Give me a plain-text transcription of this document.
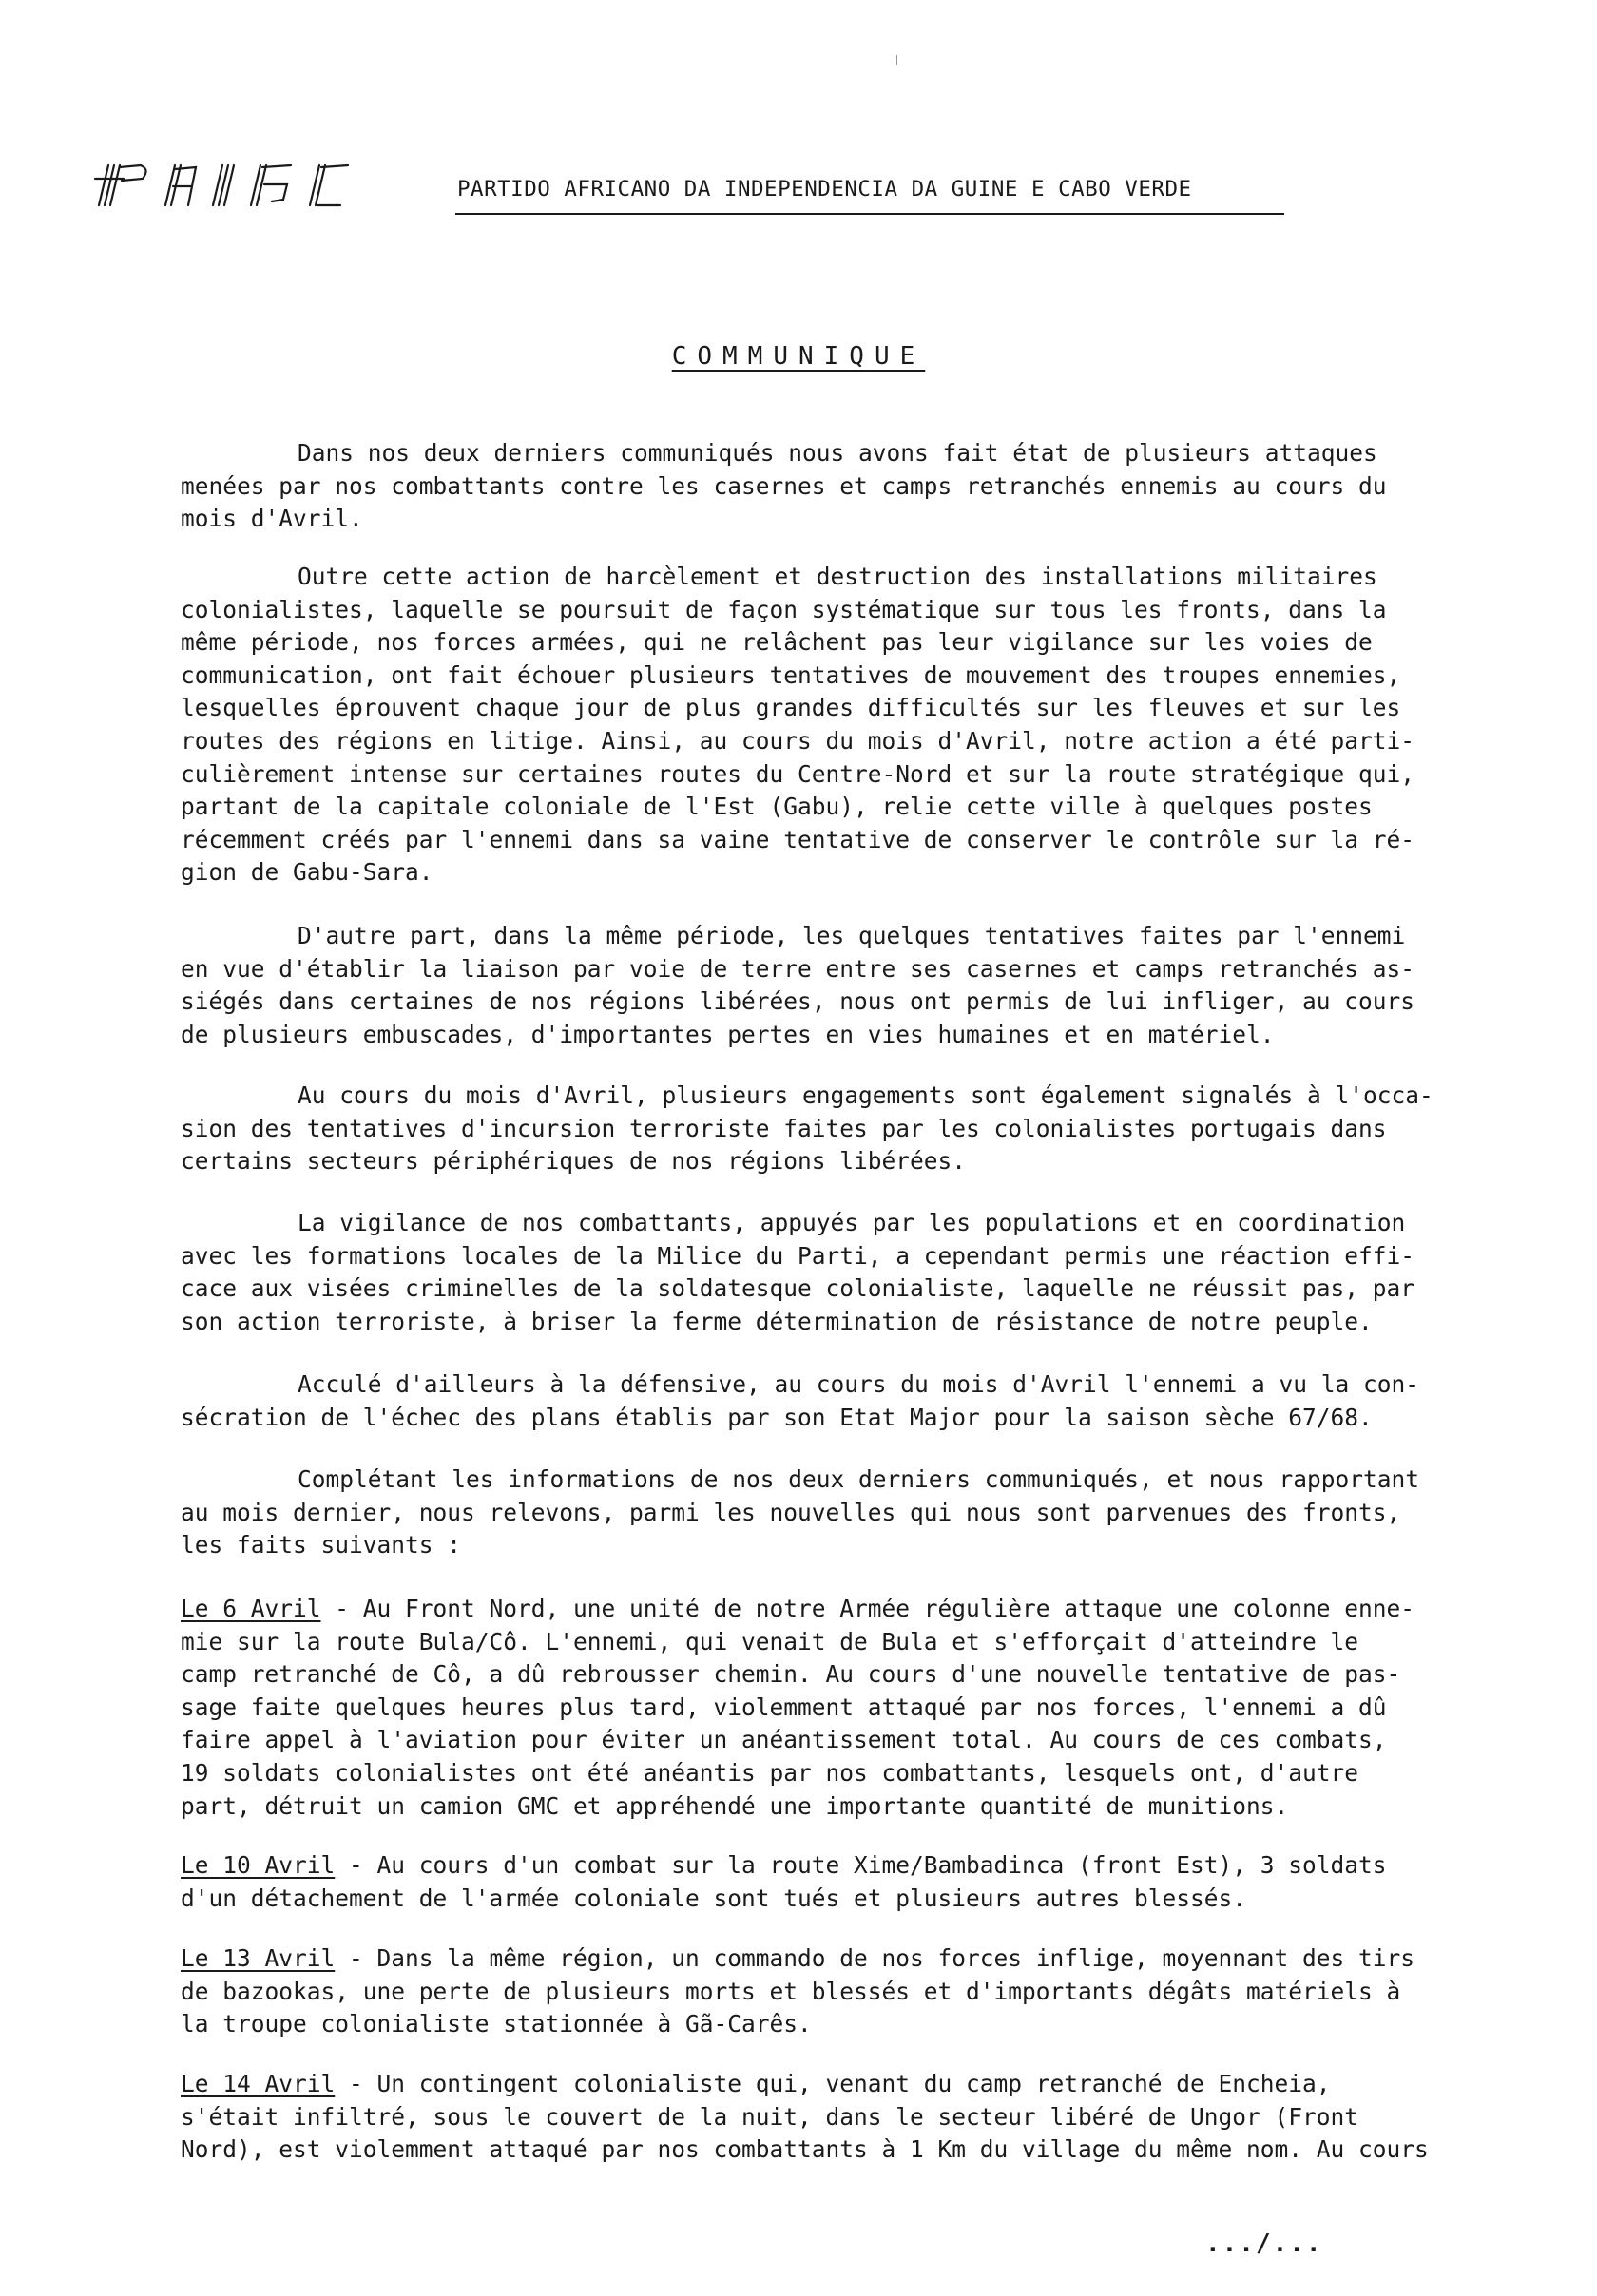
PARTIDO AFRICANO DA INDEPENDENCIA DA GUINE E CABO VERDE
COMMUNIQUE
Dans nos deux derniers communiqués nous avons fait état de plusieurs attaques
menées par nos combattants contre les casernes et camps retranchés ennemis au cours du
mois d'Avril.
Outre cette action de harcèlement et destruction des installations militaires
colonialistes, laquelle se poursuit de façon systématique sur tous les fronts, dans la
même période, nos forces armées, qui ne relâchent pas leur vigilance sur les voies de
communication, ont fait échouer plusieurs tentatives de mouvement des troupes ennemies,
lesquelles éprouvent chaque jour de plus grandes difficultés sur les fleuves et sur les
routes des régions en litige. Ainsi, au cours du mois d'Avril, notre action a été parti-
culièrement intense sur certaines routes du Centre-Nord et sur la route stratégique qui,
partant de la capitale coloniale de l'Est (Gabu), relie cette ville à quelques postes
récemment créés par l'ennemi dans sa vaine tentative de conserver le contrôle sur la ré-
gion de Gabu-Sara.
D'autre part, dans la même période, les quelques tentatives faites par l'ennemi
en vue d'établir la liaison par voie de terre entre ses casernes et camps retranchés as-
siégés dans certaines de nos régions libérées, nous ont permis de lui infliger, au cours
de plusieurs embuscades, d'importantes pertes en vies humaines et en matériel.
Au cours du mois d'Avril, plusieurs engagements sont également signalés à l'occa-
sion des tentatives d'incursion terroriste faites par les colonialistes portugais dans
certains secteurs périphériques de nos régions libérées.
La vigilance de nos combattants, appuyés par les populations et en coordination
avec les formations locales de la Milice du Parti, a cependant permis une réaction effi-
cace aux visées criminelles de la soldatesque colonialiste, laquelle ne réussit pas, par
son action terroriste, à briser la ferme détermination de résistance de notre peuple.
Acculé d'ailleurs à la défensive, au cours du mois d'Avril l'ennemi a vu la con-
sécration de l'échec des plans établis par son Etat Major pour la saison sèche 67/68.
Complétant les informations de nos deux derniers communiqués, et nous rapportant
au mois dernier, nous relevons, parmi les nouvelles qui nous sont parvenues des fronts,
les faits suivants :
Le 6 Avril - Au Front Nord, une unité de notre Armée régulière attaque une colonne enne-
mie sur la route Bula/Cô. L'ennemi, qui venait de Bula et s'efforçait d'atteindre le
camp retranché de Cô, a dû rebrousser chemin. Au cours d'une nouvelle tentative de pas-
sage faite quelques heures plus tard, violemment attaqué par nos forces, l'ennemi a dû
faire appel à l'aviation pour éviter un anéantissement total. Au cours de ces combats,
19 soldats colonialistes ont été anéantis par nos combattants, lesquels ont, d'autre
part, détruit un camion GMC et appréhendé une importante quantité de munitions.
Le 10 Avril - Au cours d'un combat sur la route Xime/Bambadinca (front Est), 3 soldats
d'un détachement de l'armée coloniale sont tués et plusieurs autres blessés.
Le 13 Avril - Dans la même région, un commando de nos forces inflige, moyennant des tirs
de bazookas, une perte de plusieurs morts et blessés et d'importants dégâts matériels à
la troupe colonialiste stationnée à Gã-Carês.
Le 14 Avril - Un contingent colonialiste qui, venant du camp retranché de Encheia,
s'était infiltré, sous le couvert de la nuit, dans le secteur libéré de Ungor (Front
Nord), est violemment attaqué par nos combattants à 1 Km du village du même nom. Au cours
.../...
